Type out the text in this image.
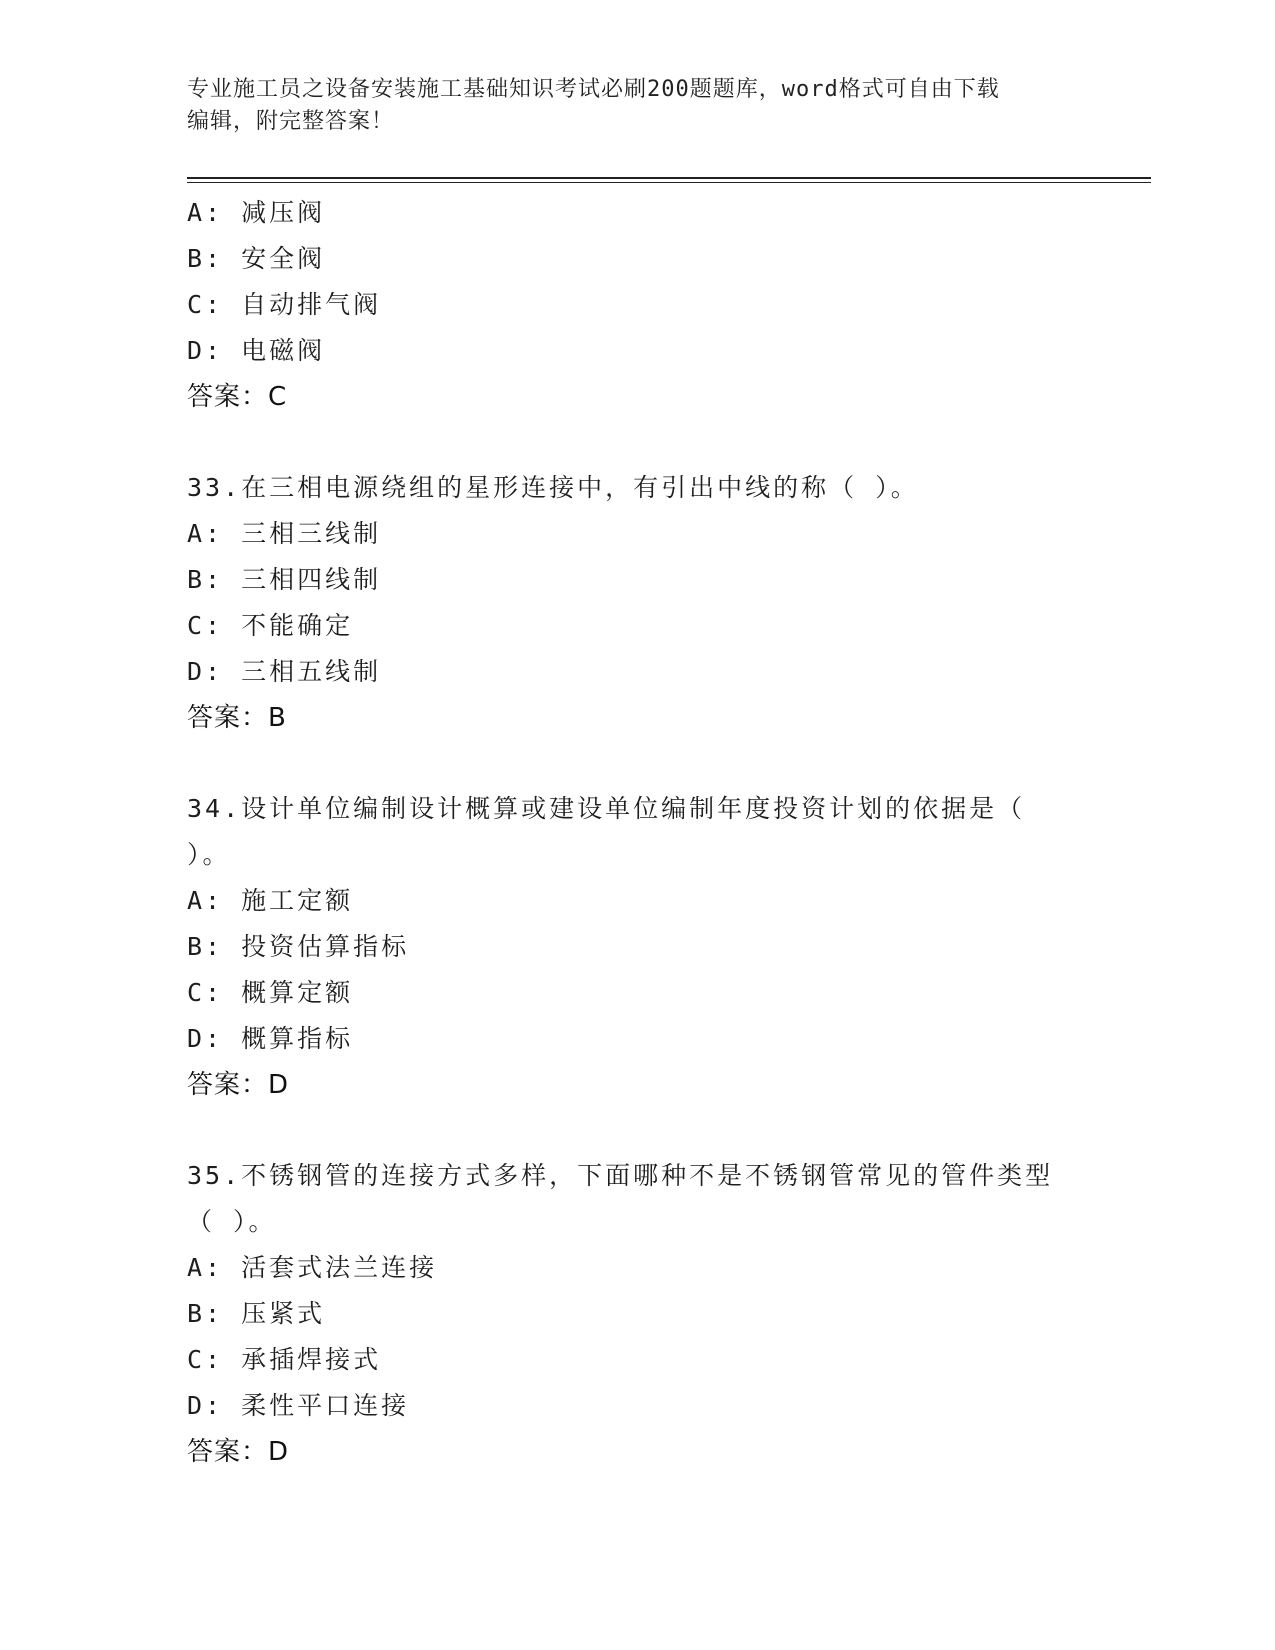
专业施工员之设备安装施工基础知识考试必刷200题题库，word格式可自由下载
编辑，附完整答案！
A: 减压阀
B: 安全阀
C: 自动排气阀
D: 电磁阀
答案：C
33.在三相电源绕组的星形连接中，有引出中线的称（ ）。
A: 三相三线制
B: 三相四线制
C: 不能确定
D: 三相五线制
答案：B
34.设计单位编制设计概算或建设单位编制年度投资计划的依据是（
）。
A: 施工定额
B: 投资估算指标
C: 概算定额
D: 概算指标
答案：D
35.不锈钢管的连接方式多样，下面哪种不是不锈钢管常见的管件类型
（ ）。
A: 活套式法兰连接
B: 压紧式
C: 承插焊接式
D: 柔性平口连接
答案：D
